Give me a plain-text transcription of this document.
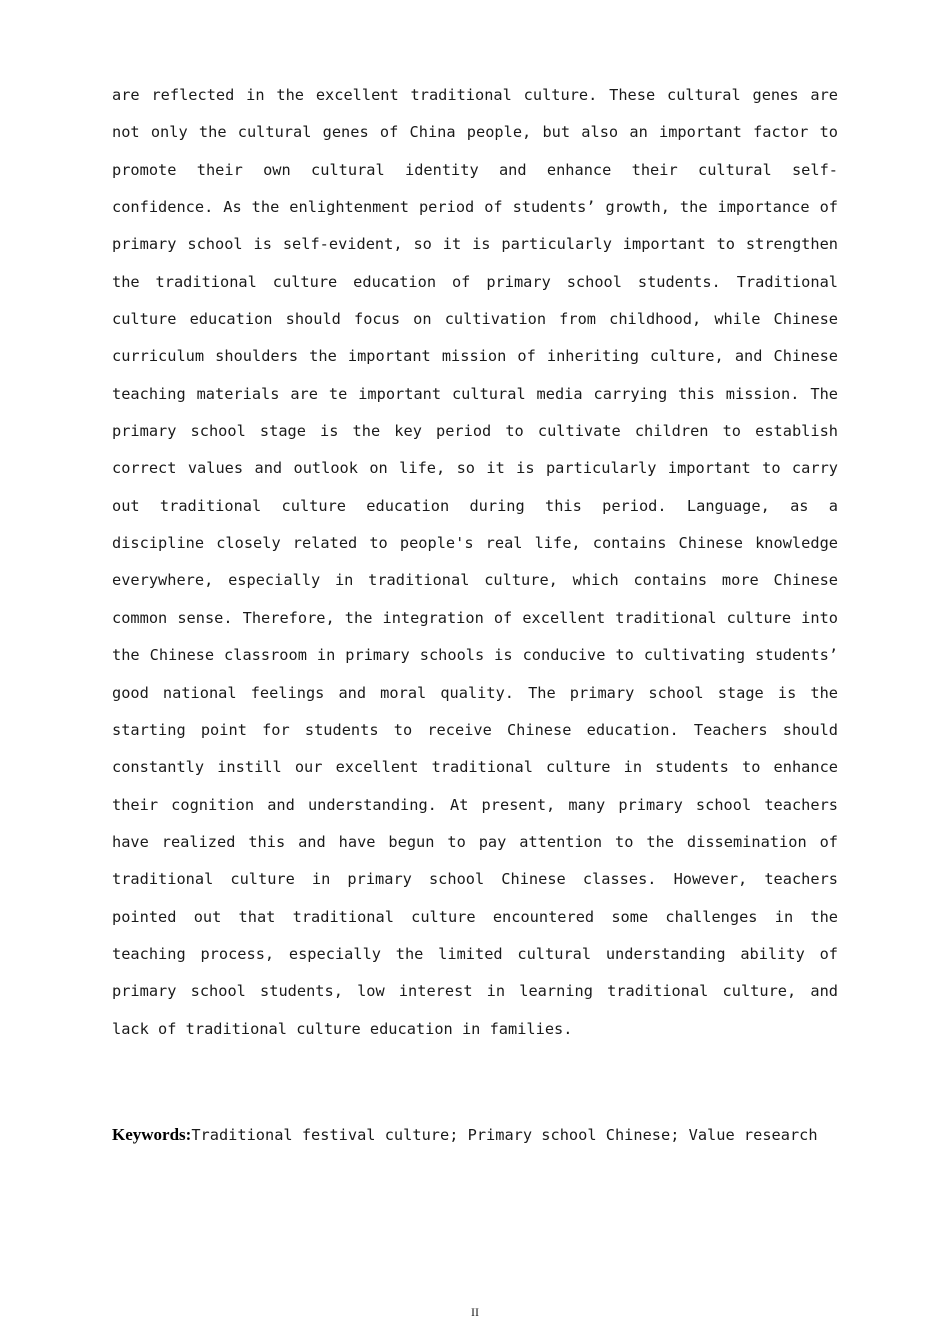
are reflected in the excellent traditional culture. These cultural genes are not only the cultural genes of China people, but also an important factor to promote their own cultural identity and enhance their cultural self-confidence. As the enlightenment period of students’ growth, the importance of primary school is self-evident, so it is particularly important to strengthen the traditional culture education of primary school students. Traditional culture education should focus on cultivation from childhood, while Chinese curriculum shoulders the important mission of inheriting culture, and Chinese teaching materials are te important cultural media carrying this mission. The primary school stage is the key period to cultivate children to establish correct values and outlook on life, so it is particularly important to carry out traditional culture education during this period. Language, as a discipline closely related to people's real life, contains Chinese knowledge everywhere, especially in traditional culture, which contains more Chinese common sense. Therefore, the integration of excellent traditional culture into the Chinese classroom in primary schools is conducive to cultivating students’ good national feelings and moral quality. The primary school stage is the starting point for students to receive Chinese education. Teachers should constantly instill our excellent traditional culture in students to enhance their cognition and understanding. At present, many primary school teachers have realized this and have begun to pay attention to the dissemination of traditional culture in primary school Chinese classes. However, teachers pointed out that traditional culture encountered some challenges in the teaching process, especially the limited cultural understanding ability of primary school students, low interest in learning traditional culture, and lack of traditional culture education in families.

Keywords:Traditional festival culture; Primary school Chinese; Value research

II
